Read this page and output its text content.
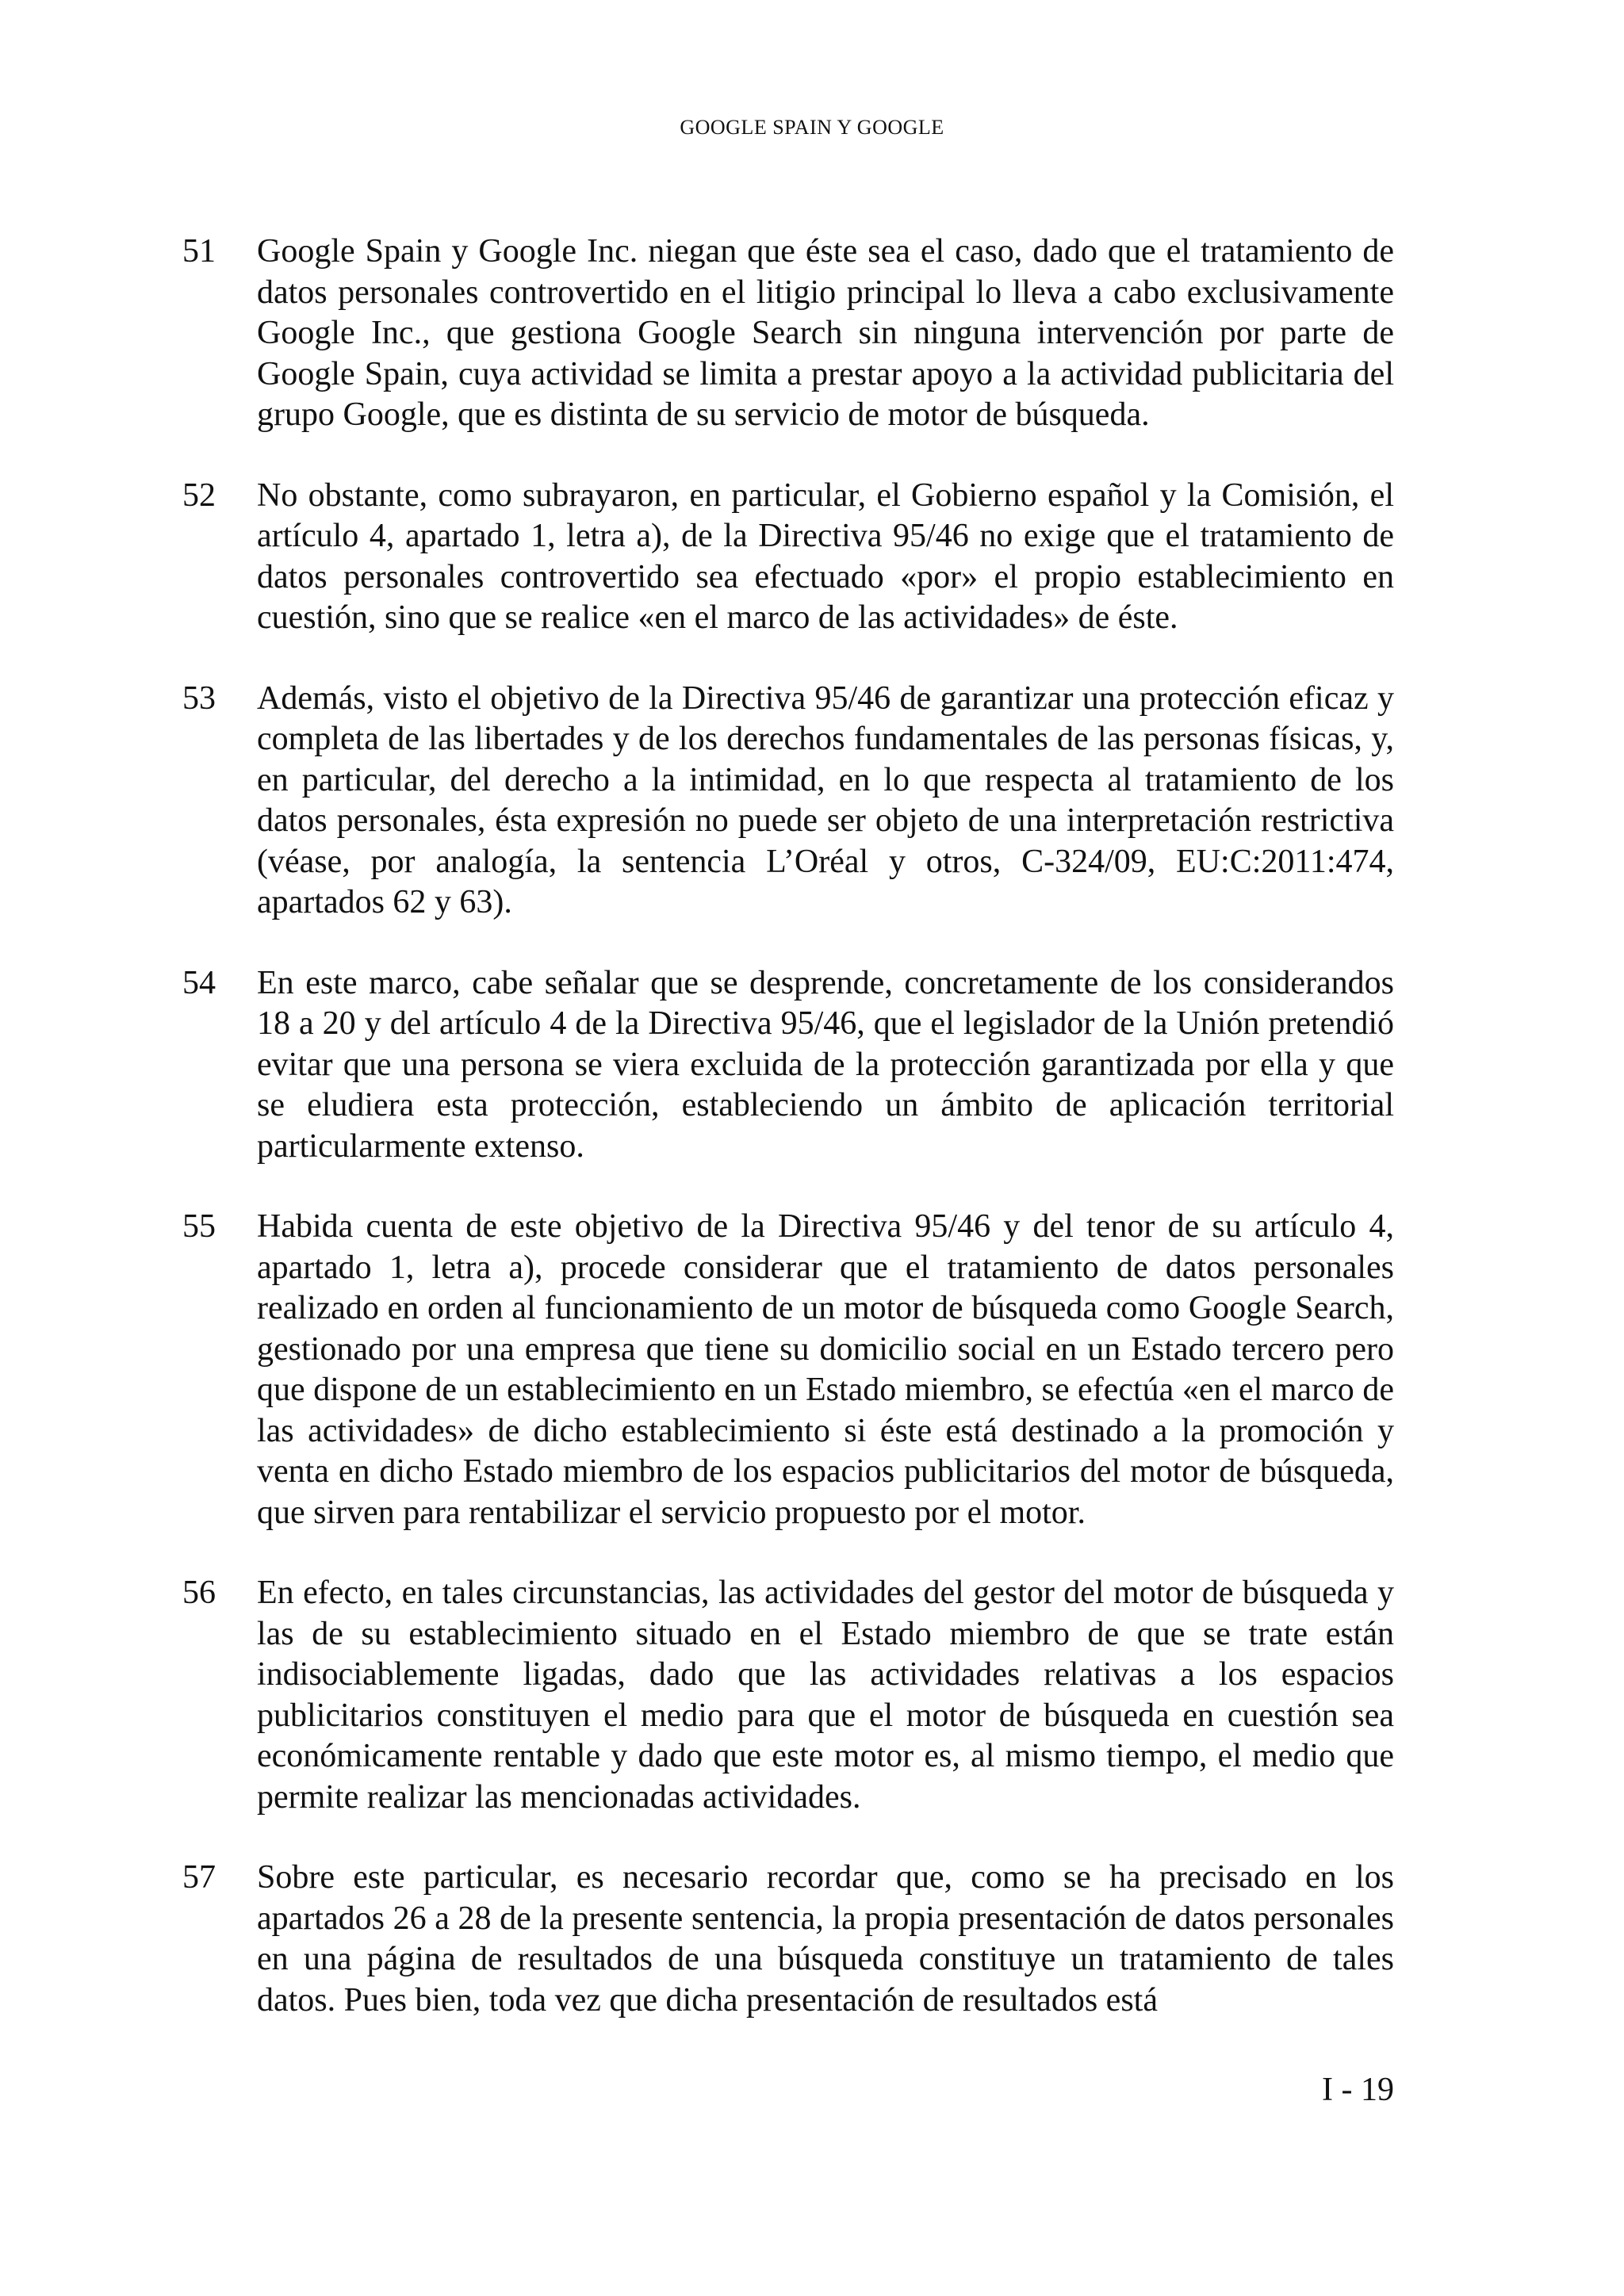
GOOGLE SPAIN Y GOOGLE
51	Google Spain y Google Inc. niegan que éste sea el caso, dado que el tratamiento de datos personales controvertido en el litigio principal lo lleva a cabo exclusivamente Google Inc., que gestiona Google Search sin ninguna intervención por parte de Google Spain, cuya actividad se limita a prestar apoyo a la actividad publicitaria del grupo Google, que es distinta de su servicio de motor de búsqueda.
52	No obstante, como subrayaron, en particular, el Gobierno español y la Comisión, el artículo 4, apartado 1, letra a), de la Directiva 95/46 no exige que el tratamiento de datos personales controvertido sea efectuado «por» el propio establecimiento en cuestión, sino que se realice «en el marco de las actividades» de éste.
53	Además, visto el objetivo de la Directiva 95/46 de garantizar una protección eficaz y completa de las libertades y de los derechos fundamentales de las personas físicas, y, en particular, del derecho a la intimidad, en lo que respecta al tratamiento de los datos personales, ésta expresión no puede ser objeto de una interpretación restrictiva (véase, por analogía, la sentencia L’Oréal y otros, C-324/09, EU:C:2011:474, apartados 62 y 63).
54	En este marco, cabe señalar que se desprende, concretamente de los considerandos 18 a 20 y del artículo 4 de la Directiva 95/46, que el legislador de la Unión pretendió evitar que una persona se viera excluida de la protección garantizada por ella y que se eludiera esta protección, estableciendo un ámbito de aplicación territorial particularmente extenso.
55	Habida cuenta de este objetivo de la Directiva 95/46 y del tenor de su artículo 4, apartado 1, letra a), procede considerar que el tratamiento de datos personales realizado en orden al funcionamiento de un motor de búsqueda como Google Search, gestionado por una empresa que tiene su domicilio social en un Estado tercero pero que dispone de un establecimiento en un Estado miembro, se efectúa «en el marco de las actividades» de dicho establecimiento si éste está destinado a la promoción y venta en dicho Estado miembro de los espacios publicitarios del motor de búsqueda, que sirven para rentabilizar el servicio propuesto por el motor.
56	En efecto, en tales circunstancias, las actividades del gestor del motor de búsqueda y las de su establecimiento situado en el Estado miembro de que se trate están indisociablemente ligadas, dado que las actividades relativas a los espacios publicitarios constituyen el medio para que el motor de búsqueda en cuestión sea económicamente rentable y dado que este motor es, al mismo tiempo, el medio que permite realizar las mencionadas actividades.
57	Sobre este particular, es necesario recordar que, como se ha precisado en los apartados 26 a 28 de la presente sentencia, la propia presentación de datos personales en una página de resultados de una búsqueda constituye un tratamiento de tales datos. Pues bien, toda vez que dicha presentación de resultados está
I - 19
